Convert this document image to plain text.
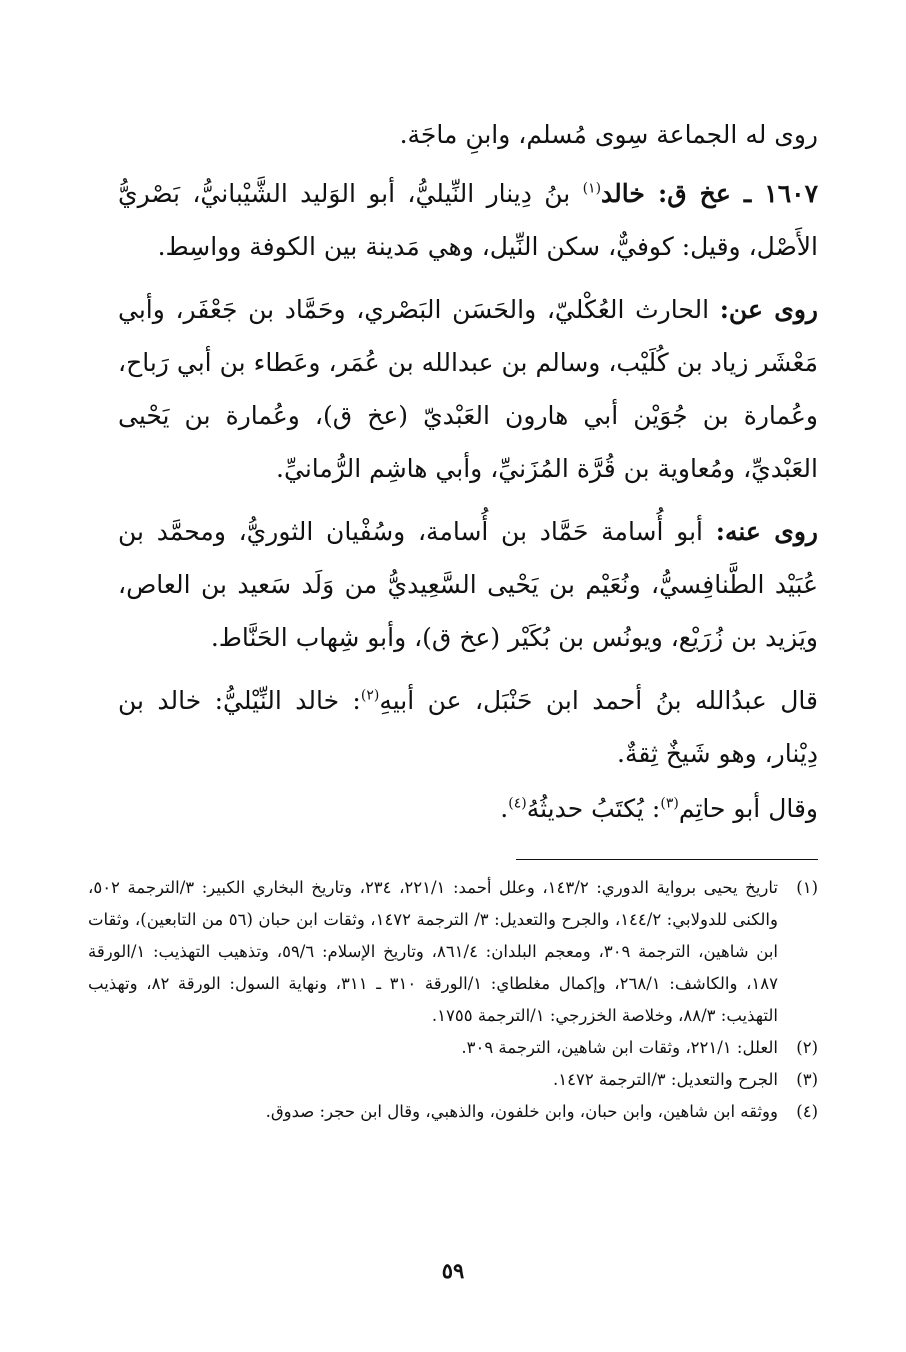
روى له الجماعة سِوى مُسلم، وابنِ ماجَة.

١٦٠٧ ـ عخ ق: خالد$^{(١)}$ بنُ دِينار النِّيليُّ، أبو الوَليد الشَّيْبانيُّ، بَصْريُّ الأَصْل، وقيل: كوفيٌّ، سكن النِّيل، وهي مَدينة بين الكوفة وواسِط.

روى عن: الحارث العُكْليّ، والحَسَن البَصْري، وحَمَّاد بن جَعْفَر، وأبي مَعْشَر زياد بن كُلَيْب، وسالم بن عبدالله بن عُمَر، وعَطاء بن أبي رَباح، وعُمارة بن جُوَيْن أبي هارون العَبْديّ (عخ ق)، وعُمارة بن يَحْيى العَبْديِّ، ومُعاوية بن قُرَّة المُزَنيِّ، وأبي هاشِم الرُّمانيِّ.

روى عنه: أبو أُسامة حَمَّاد بن أُسامة، وسُفْيان الثوريُّ، ومحمَّد بن عُبَيْد الطَّنافِسيُّ، ونُعَيْم بن يَحْيى السَّعِيديُّ من وَلَد سَعيد بن العاص، ويَزيد بن زُرَيْع، ويونُس بن بُكَيْر (عخ ق)، وأبو شِهاب الحَنَّاط.

قال عبدُالله بنُ أحمد ابن حَنْبَل، عن أبيهِ$^{(٢)}$: خالد النِّيْليُّ: خالد بن دِيْنار، وهو شَيخٌ ثِقةٌ.

وقال أبو حاتِم$^{(٣)}$: يُكتَبُ حديثُهُ$^{(٤)}$.

(١)
تاريخ يحيى برواية الدوري: ١٤٣/٢، وعلل أحمد: ٢٢١/١، ٢٣٤، وتاريخ البخاري الكبير: ٣/الترجمة ٥٠٢، والكنى للدولابي: ١٤٤/٢، والجرح والتعديل: ٣/ الترجمة ١٤٧٢، وثقات ابن حبان (٥٦ من التابعين)، وثقات ابن شاهين، الترجمة ٣٠٩، ومعجم البلدان: ٨٦١/٤، وتاريخ الإسلام: ٥٩/٦، وتذهيب التهذيب: ١/الورقة ١٨٧، والكاشف: ٢٦٨/١، وإكمال مغلطاي: ١/الورقة ٣١٠ ـ ٣١١، ونهاية السول: الورقة ٨٢، وتهذيب التهذيب: ٨٨/٣، وخلاصة الخزرجي: ١/الترجمة ١٧٥٥.
(٢)
العلل: ٢٢١/١، وثقات ابن شاهين، الترجمة ٣٠٩.
(٣)
الجرح والتعديل: ٣/الترجمة ١٤٧٢.
(٤)
ووثقه ابن شاهين، وابن حبان، وابن خلفون، والذهبي، وقال ابن حجر: صدوق.
٥٩
